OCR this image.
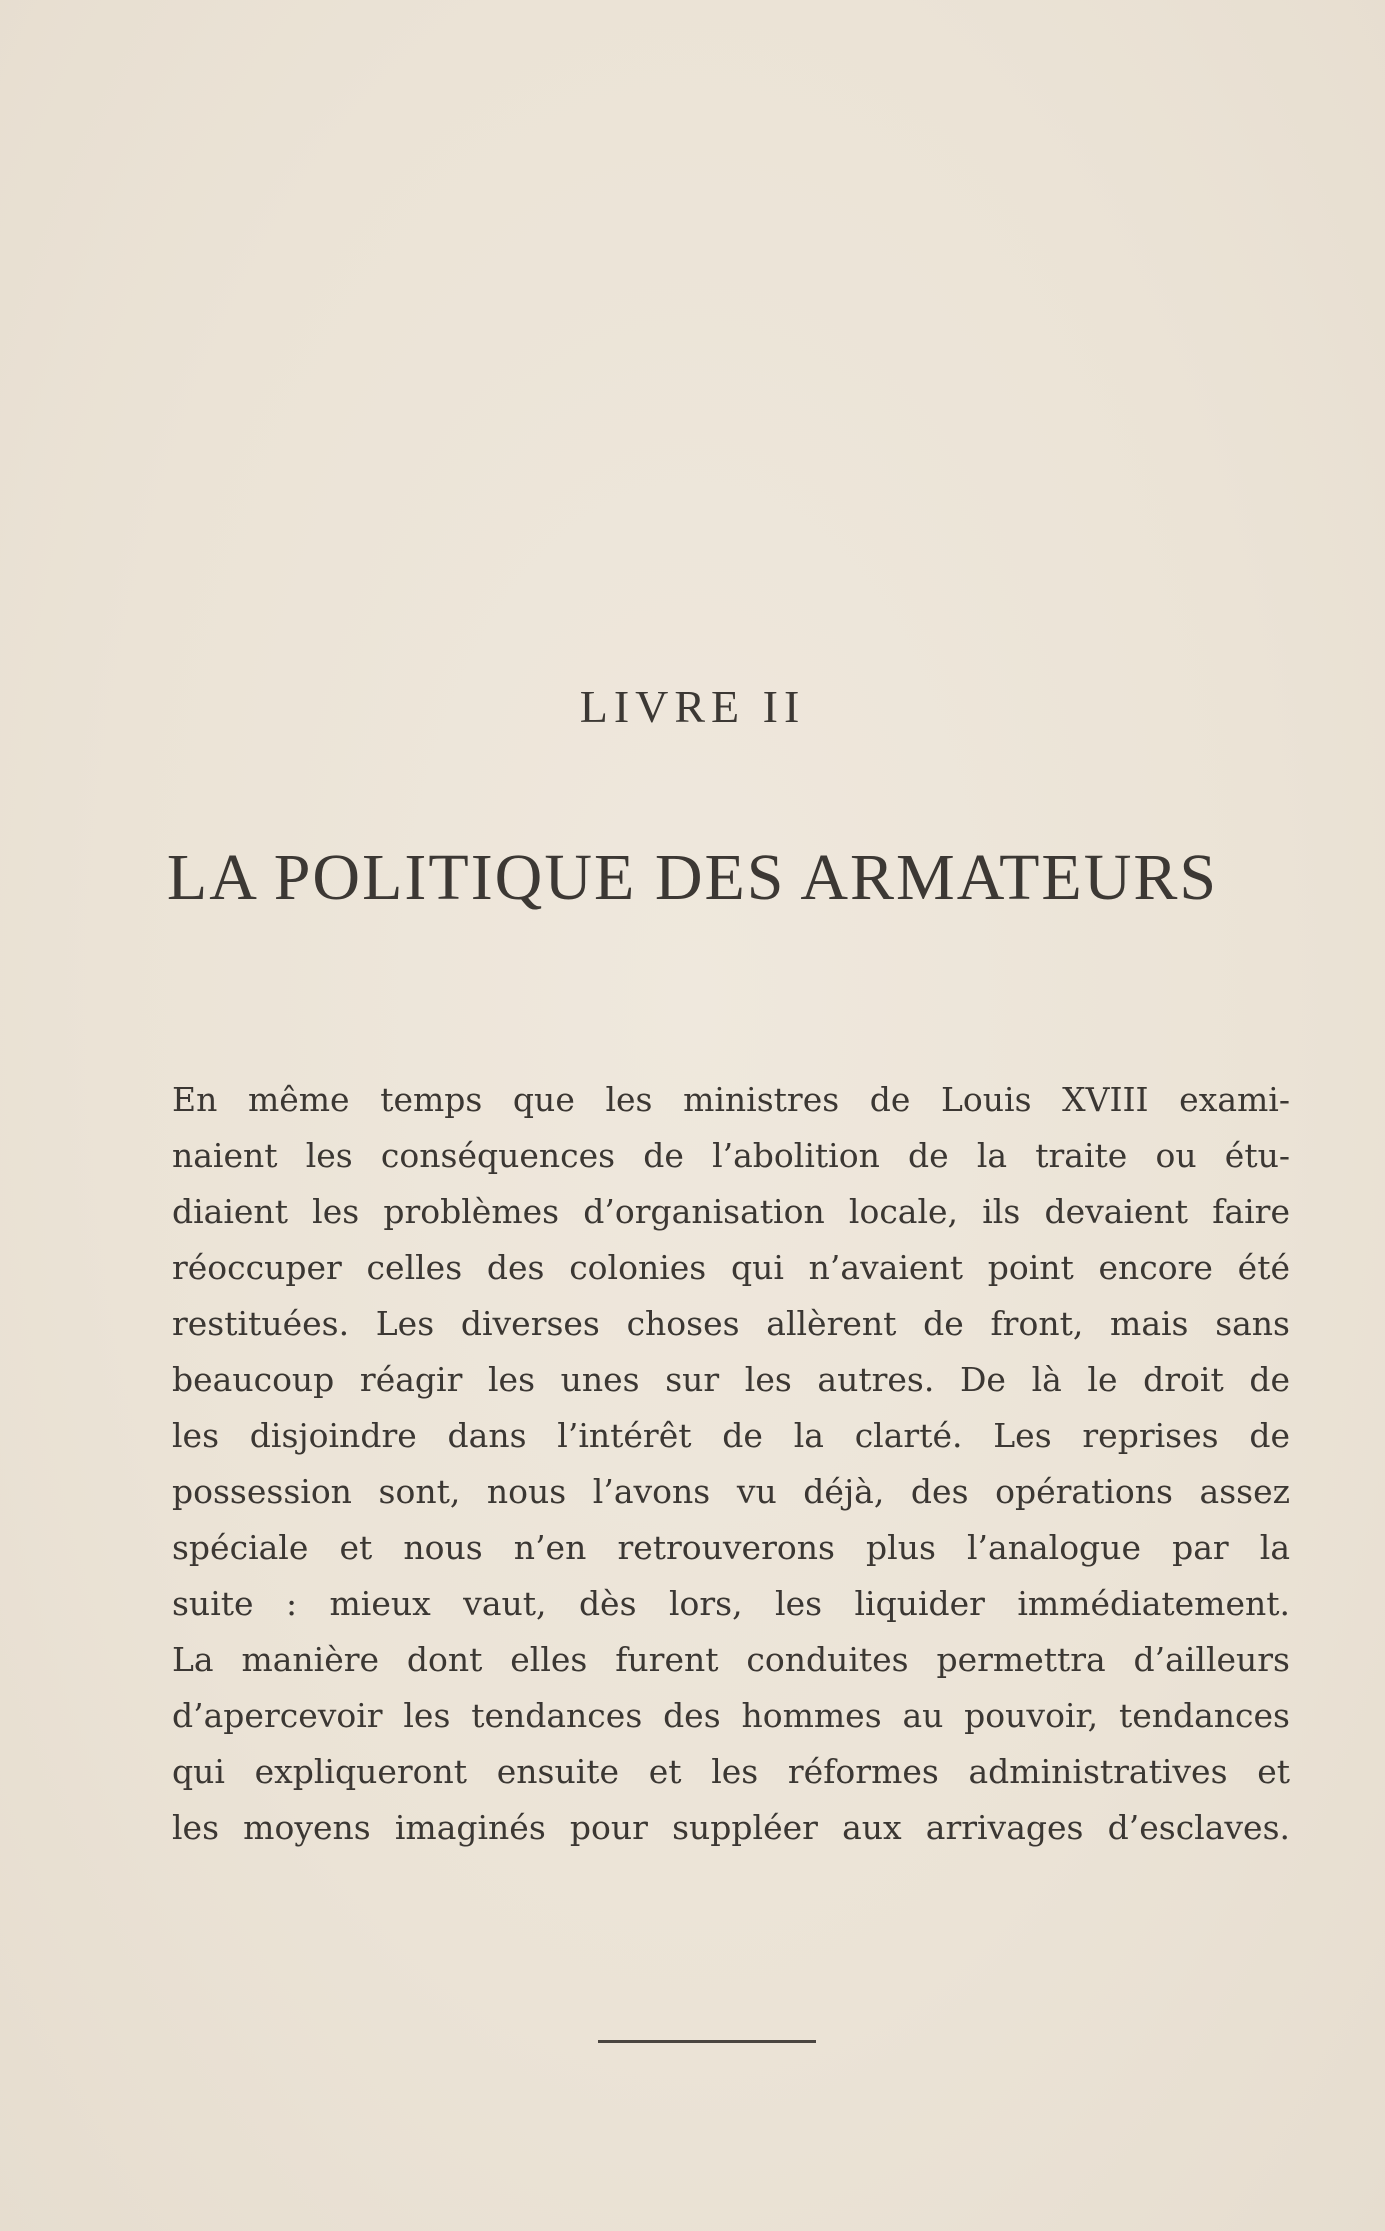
LIVRE II
LA POLITIQUE DES ARMATEURS
En même temps que les ministres de Louis XVIII exami-
naient les conséquences de l’abolition de la traite ou étu-
diaient les problèmes d’organisation locale, ils devaient faire
réoccuper celles des colonies qui n’avaient point encore été
restituées. Les diverses choses allèrent de front, mais sans
beaucoup réagir les unes sur les autres. De là le droit de
les disjoindre dans l’intérêt de la clarté. Les reprises de
possession sont, nous l’avons vu déjà, des opérations assez
spéciale et nous n’en retrouverons plus l’analogue par la
suite : mieux vaut, dès lors, les liquider immédiatement.
La manière dont elles furent conduites permettra d’ailleurs
d’apercevoir les tendances des hommes au pouvoir, tendances
qui expliqueront ensuite et les réformes administratives et
les moyens imaginés pour suppléer aux arrivages d’esclaves.
